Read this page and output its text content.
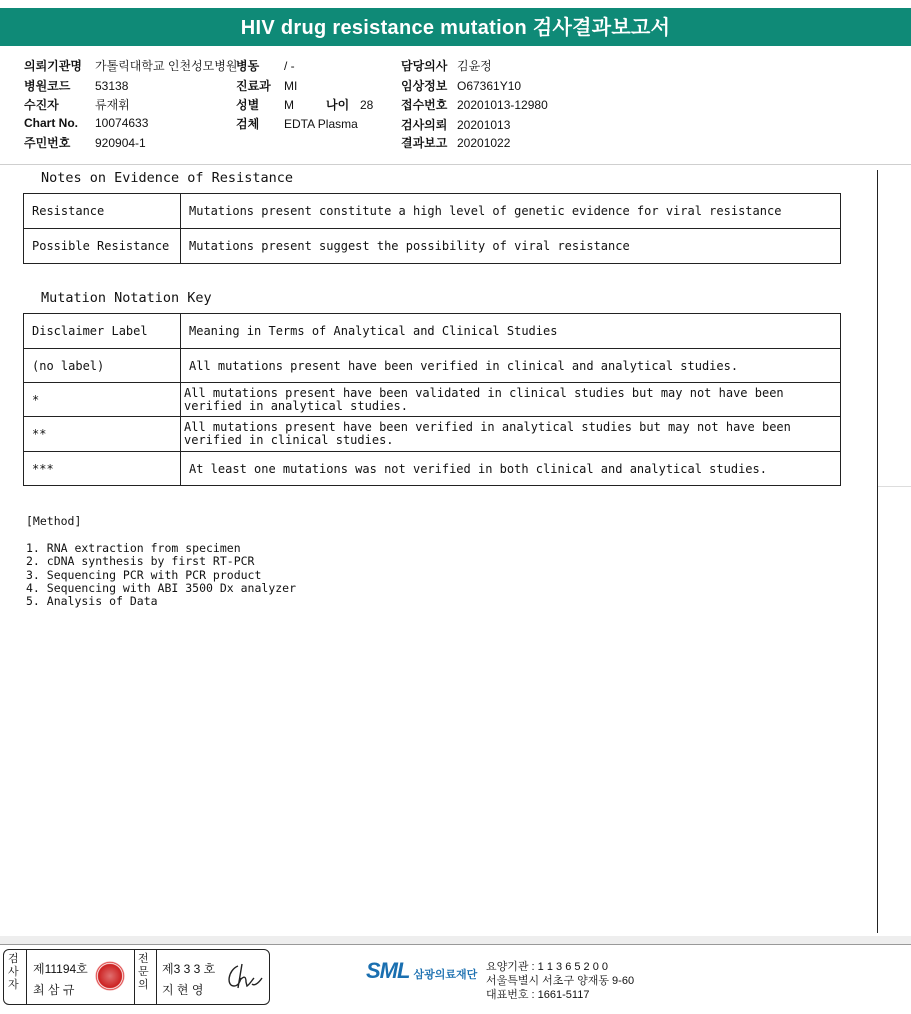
HIV drug resistance mutation 검사결과보고서
의뢰기관명 가톨릭대학교 인천성모병원
병원코드 53138
수진자	류재휘
Chart No. 10074633
주민번호 920904-1
병동 / -
진료과 MI
성별 M	나이 28
검체 EDTA Plasma
담당의사 김윤정
임상정보 O67361Y10
접수번호 20201013-12980
검사의뢰 20201013
결과보고 20201022
Notes on Evidence of Resistance
Resistance	Mutations present constitute a high level of genetic evidence for viral resistance
Possible Resistance	Mutations present suggest the possibility of viral resistance
Mutation Notation Key
Disclaimer Label	Meaning in Terms of Analytical and Clinical Studies
(no label)	All mutations present have been verified in clinical and analytical studies.
*	All mutations present have been validated in clinical studies but may not have been verified in analytical studies.
**	All mutations present have been verified in analytical studies but may not have been verified in clinical studies.
***	At least one mutations was not verified in both clinical and analytical studies.
[Method]
1. RNA extraction from specimen
2. cDNA synthesis by first RT-PCR
3. Sequencing PCR with PCR product
4. Sequencing with ABI 3500 Dx analyzer
5. Analysis of Data
검사자
제11194호
최 삼 규
전문의
제3 3 3 호
지 현 영
SML 삼광의료재단
요양기관 : 1 1 3 6 5 2 0 0
서울특별시 서초구 양재동 9-60
대표번호 : 1661-5117
